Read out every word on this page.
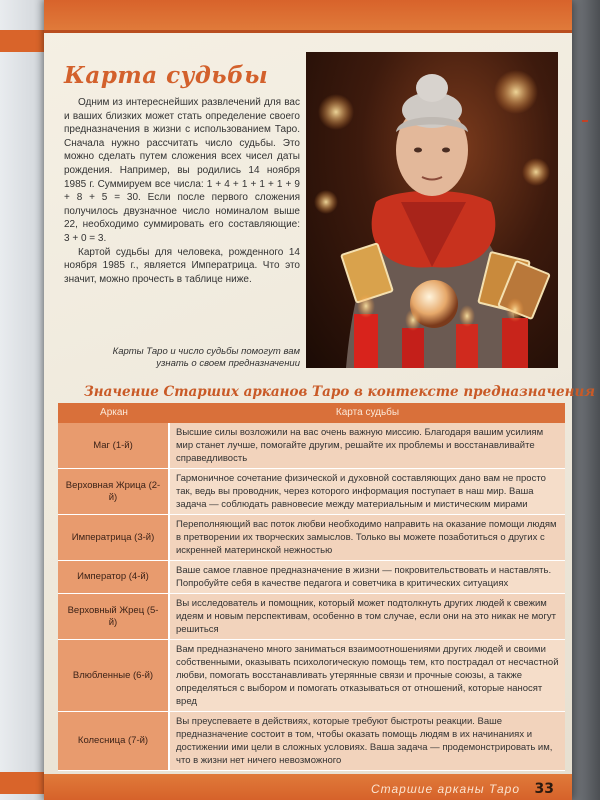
Карта судьбы

Одним из интереснейших развлечений для вас и ваших близких может стать определение своего предназначения в жизни с использованием Таро. Сначала нужно рассчитать число судьбы. Это можно сделать путем сложения всех чисел даты рождения. Например, вы родились 14 ноября 1985 г. Суммируем все числа: 1 + 4 + 1 + 1 + 1 + 9 + 8 + 5 = 30. Если после первого сложения получилось двузначное число номиналом выше 22, необходимо суммировать его составляющие: 3 + 0 = 3.

Картой судьбы для человека, рожденного 14 ноября 1985 г., является Императрица. Что это значит, можно прочесть в таблице ниже.

Карты Таро и число судьбы помогут вам узнать о своем предназначении

Значение Старших арканов Таро в контексте предназначения
Аркан	Карта судьбы
Маг (1-й)
Высшие силы возложили на вас очень важную миссию. Благодаря вашим усилиям мир станет лучше, помогайте другим, решайте их проблемы и восстанавливайте справедливость
Верховная Жрица (2-й)
Гармоничное сочетание физической и духовной составляющих дано вам не просто так, ведь вы проводник, через которого информация поступает в наш мир. Ваша задача — соблюдать равновесие между материальным и мистическим мирами
Императрица (3-й)
Переполняющий вас поток любви необходимо направить на оказание помощи людям в претворении их творческих замыслов. Только вы можете позаботиться о других с искренней материнской нежностью
Император (4-й)
Ваше самое главное предназначение в жизни — покровительствовать и наставлять. Попробуйте себя в качестве педагога и советчика в критических ситуациях
Верховный Жрец (5-й)
Вы исследователь и помощник, который может подтолкнуть других людей к свежим идеям и новым перспективам, особенно в том случае, если они на это никак не могут решиться
Влюбленные (6-й)
Вам предназначено много заниматься взаимоотношениями других людей и своими собственными, оказывать психологическую помощь тем, кто пострадал от несчастной любви, помогать восстанавливать утерянные связи и прочные союзы, а также определяться с выбором и помогать отказываться от отношений, которые наносят вред
Колесница (7-й)
Вы преуспеваете в действиях, которые требуют быстроты реакции. Ваше предназначение состоит в том, чтобы оказать помощь людям в их начинаниях и достижении ими цели в сложных условиях. Ваша задача — продемонстрировать им, что в жизни нет ничего невозможного
Старшие арканы Таро 33
